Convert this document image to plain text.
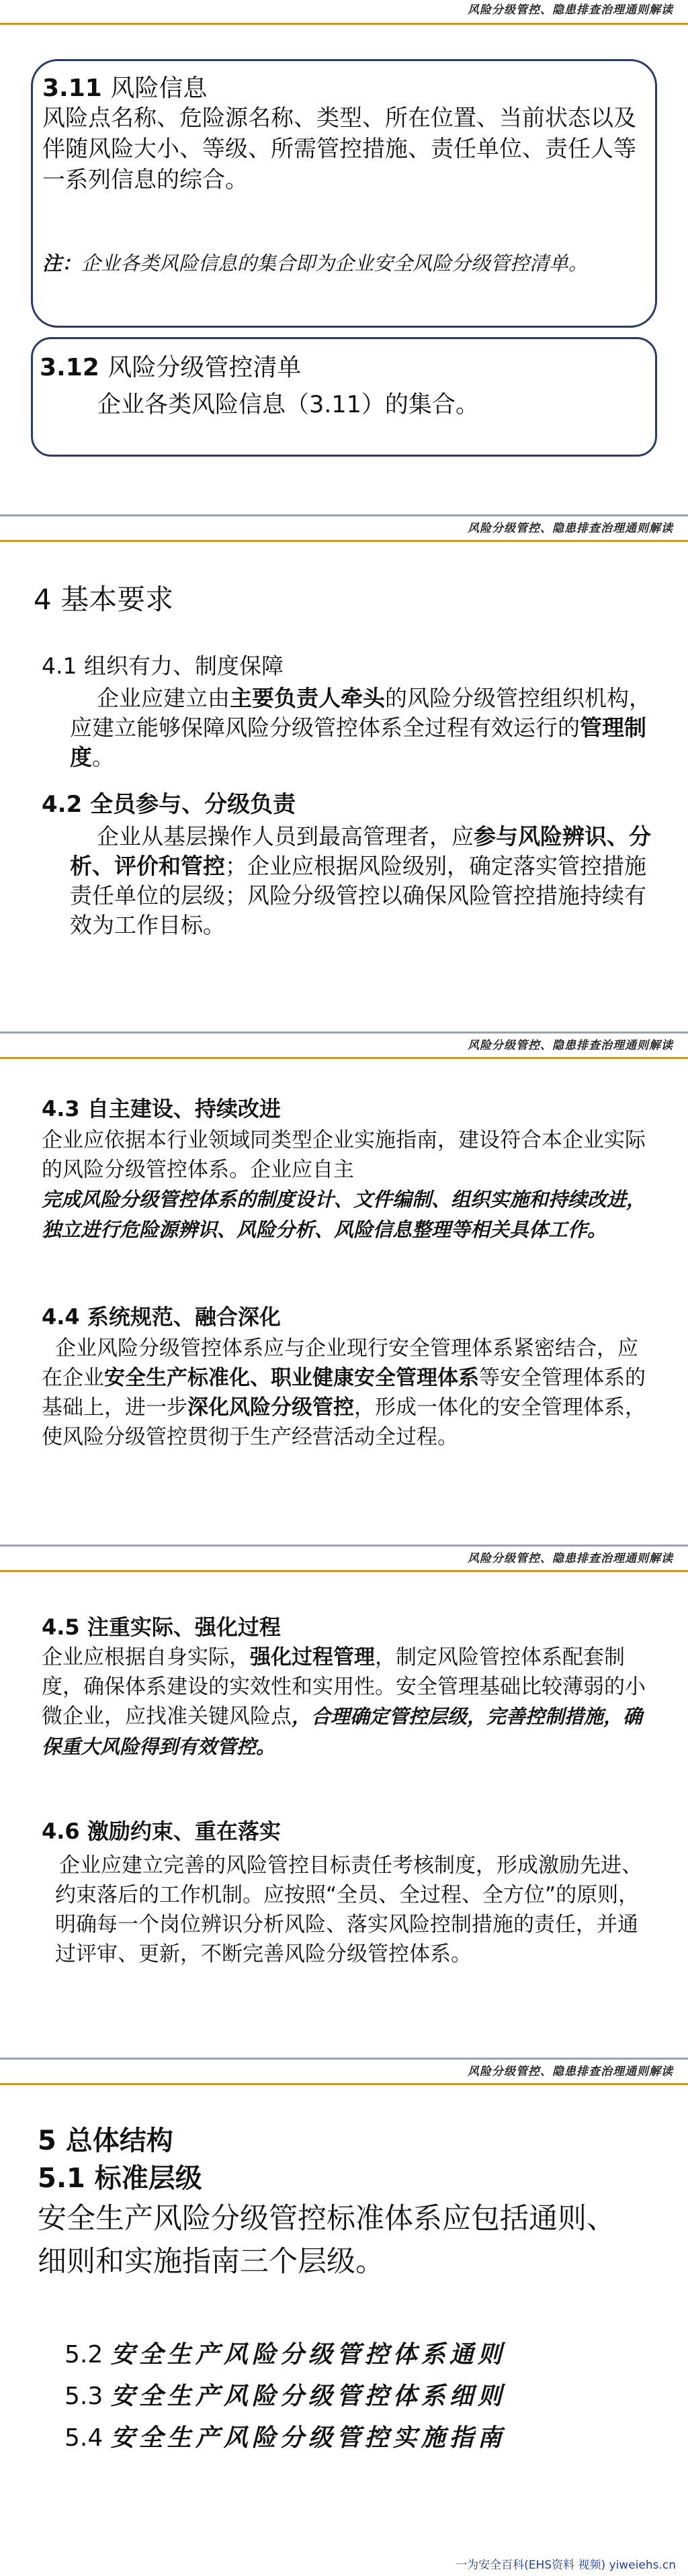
风险分级管控、隐患排查治理通则解读

3.11 风险信息

风险点名称、危险源名称、类型、所在位置、当前状态以及伴随风险大小、等级、所需管控措施、责任单位、责任人等一系列信息的综合。

注：企业各类风险信息的集合即为企业安全风险分级管控清单。

3.12 风险分级管控清单

企业各类风险信息（3.11）的集合。

风险分级管控、隐患排查治理通则解读

4 基本要求

4.1 组织有力、制度保障

企业应建立由主要负责人牵头的风险分级管控组织机构，应建立能够保障风险分级管控体系全过程有效运行的管理制度。

4.2 全员参与、分级负责

企业从基层操作人员到最高管理者，应参与风险辨识、分析、评价和管控；企业应根据风险级别，确定落实管控措施责任单位的层级；风险分级管控以确保风险管控措施持续有效为工作目标。

风险分级管控、隐患排查治理通则解读

4.3 自主建设、持续改进

企业应依据本行业领域同类型企业实施指南，建设符合本企业实际的风险分级管控体系。企业应自主

完成风险分级管控体系的制度设计、文件编制、组织实施和持续改进，独立进行危险源辨识、风险分析、风险信息整理等相关具体工作。

4.4 系统规范、融合深化

企业风险分级管控体系应与企业现行安全管理体系紧密结合，应在企业安全生产标准化、职业健康安全管理体系等安全管理体系的基础上，进一步深化风险分级管控，形成一体化的安全管理体系，使风险分级管控贯彻于生产经营活动全过程。

风险分级管控、隐患排查治理通则解读

4.5 注重实际、强化过程

企业应根据自身实际，强化过程管理，制定风险管控体系配套制度，确保体系建设的实效性和实用性。安全管理基础比较薄弱的小微企业，应找准关键风险点，合理确定管控层级，完善控制措施，确保重大风险得到有效管控。

4.6 激励约束、重在落实

企业应建立完善的风险管控目标责任考核制度，形成激励先进、约束落后的工作机制。应按照“全员、全过程、全方位”的原则，明确每一个岗位辨识分析风险、落实风险控制措施的责任，并通过评审、更新，不断完善风险分级管控体系。

风险分级管控、隐患排查治理通则解读

5 总体结构

5.1 标准层级

安全生产风险分级管控标准体系应包括通则、细则和实施指南三个层级。

5.2 安全生产风险分级管控体系通则

5.3 安全生产风险分级管控体系细则

5.4 安全生产风险分级管控实施指南

一为安全百科(EHS资料 视频) yiweiehs.cn
